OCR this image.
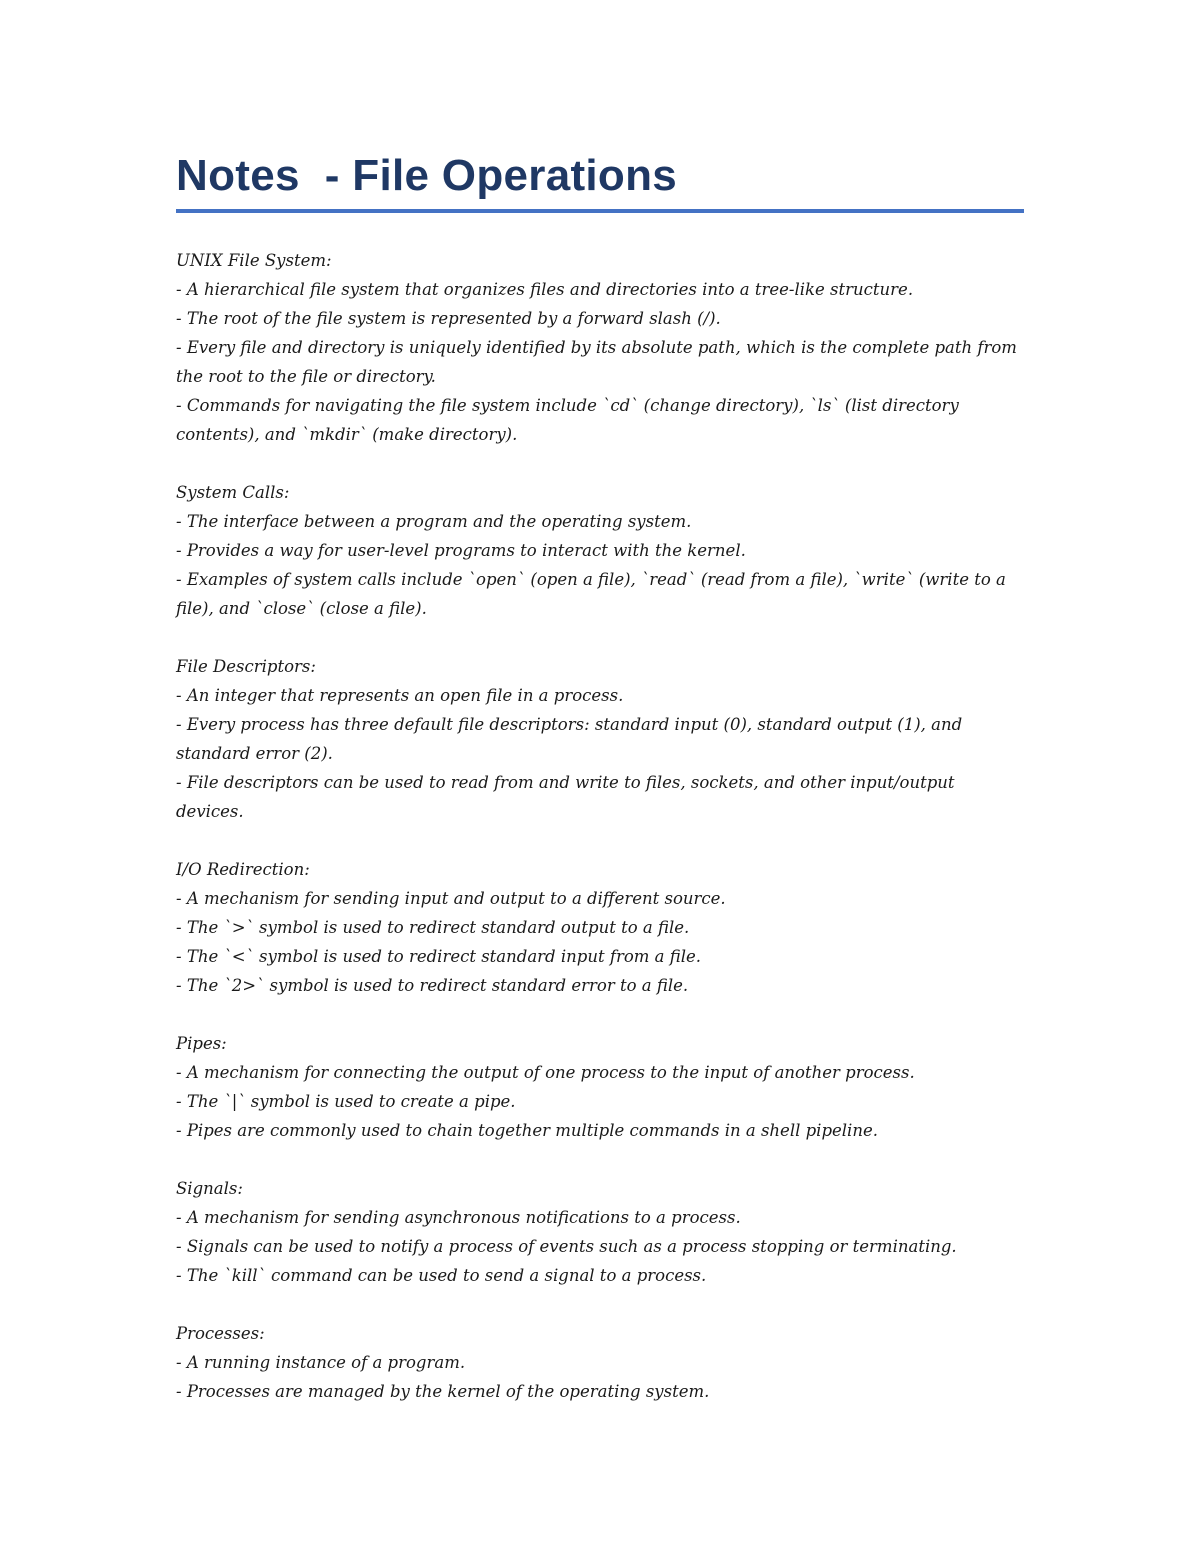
Notes  - File Operations
UNIX File System:
- A hierarchical file system that organizes files and directories into a tree-like structure.
- The root of the file system is represented by a forward slash (/).
- Every file and directory is uniquely identified by its absolute path, which is the complete path from the root to the file or directory.
- Commands for navigating the file system include `cd` (change directory), `ls` (list directory contents), and `mkdir` (make directory).
System Calls:
- The interface between a program and the operating system.
- Provides a way for user-level programs to interact with the kernel.
- Examples of system calls include `open` (open a file), `read` (read from a file), `write` (write to a file), and `close` (close a file).
File Descriptors:
- An integer that represents an open file in a process.
- Every process has three default file descriptors: standard input (0), standard output (1), and standard error (2).
- File descriptors can be used to read from and write to files, sockets, and other input/output devices.
I/O Redirection:
- A mechanism for sending input and output to a different source.
- The `>` symbol is used to redirect standard output to a file.
- The `<` symbol is used to redirect standard input from a file.
- The `2>` symbol is used to redirect standard error to a file.
Pipes:
- A mechanism for connecting the output of one process to the input of another process.
- The `|` symbol is used to create a pipe.
- Pipes are commonly used to chain together multiple commands in a shell pipeline.
Signals:
- A mechanism for sending asynchronous notifications to a process.
- Signals can be used to notify a process of events such as a process stopping or terminating.
- The `kill` command can be used to send a signal to a process.
Processes:
- A running instance of a program.
- Processes are managed by the kernel of the operating system.
